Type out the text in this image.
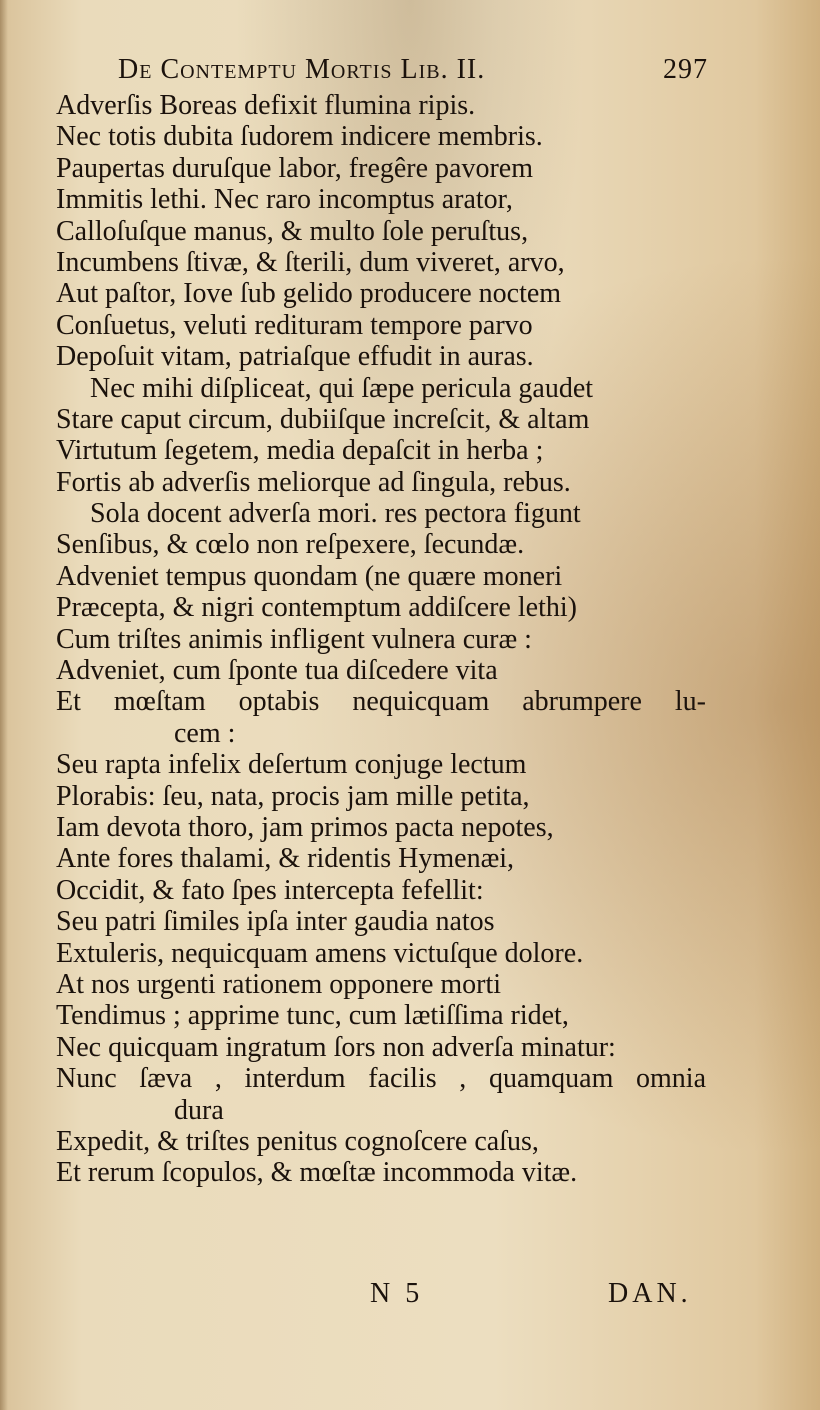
De Contemptu Mortis Lib. II.	297
Adverſis Boreas defixit flumina ripis.
Nec totis dubita ſudorem indicere membris.
Paupertas duruſque labor, fregêre pavorem
Immitis lethi. Nec raro incomptus arator,
Calloſuſque manus, & multo ſole peruſtus,
Incumbens ſtivæ, & ſterili, dum viveret, arvo,
Aut paſtor, Iove ſub gelido producere noctem
Conſuetus, veluti redituram tempore parvo
Depoſuit vitam, patriaſque effudit in auras.
Nec mihi diſpliceat, qui ſæpe pericula gaudet
Stare caput circum, dubiiſque increſcit, & altam
Virtutum ſegetem, media depaſcit in herba ;
Fortis ab adverſis meliorque ad ſingula, rebus.
Sola docent adverſa mori. res pectora figunt
Senſibus, & cœlo non reſpexere, ſecundæ.
Adveniet tempus quondam (ne quære moneri
Præcepta, & nigri contemptum addiſcere lethi)
Cum triſtes animis infligent vulnera curæ :
Adveniet, cum ſponte tua diſcedere vita
Et mœſtam optabis nequicquam abrumpere lu-
cem :
Seu rapta infelix deſertum conjuge lectum
Plorabis: ſeu, nata, procis jam mille petita,
Iam devota thoro, jam primos pacta nepotes,
Ante fores thalami, & ridentis Hymenæi,
Occidit, & fato ſpes intercepta fefellit:
Seu patri ſimiles ipſa inter gaudia natos
Extuleris, nequicquam amens victuſque dolore.
At nos urgenti rationem opponere morti
Tendimus ; apprime tunc, cum lætiſſima ridet,
Nec quicquam ingratum ſors non adverſa minatur:
Nunc ſæva , interdum facilis , quamquam omnia
dura
Expedit, & triſtes penitus cognoſcere caſus,
Et rerum ſcopulos, & mœſtæ incommoda vitæ.
N 5	DAN.
